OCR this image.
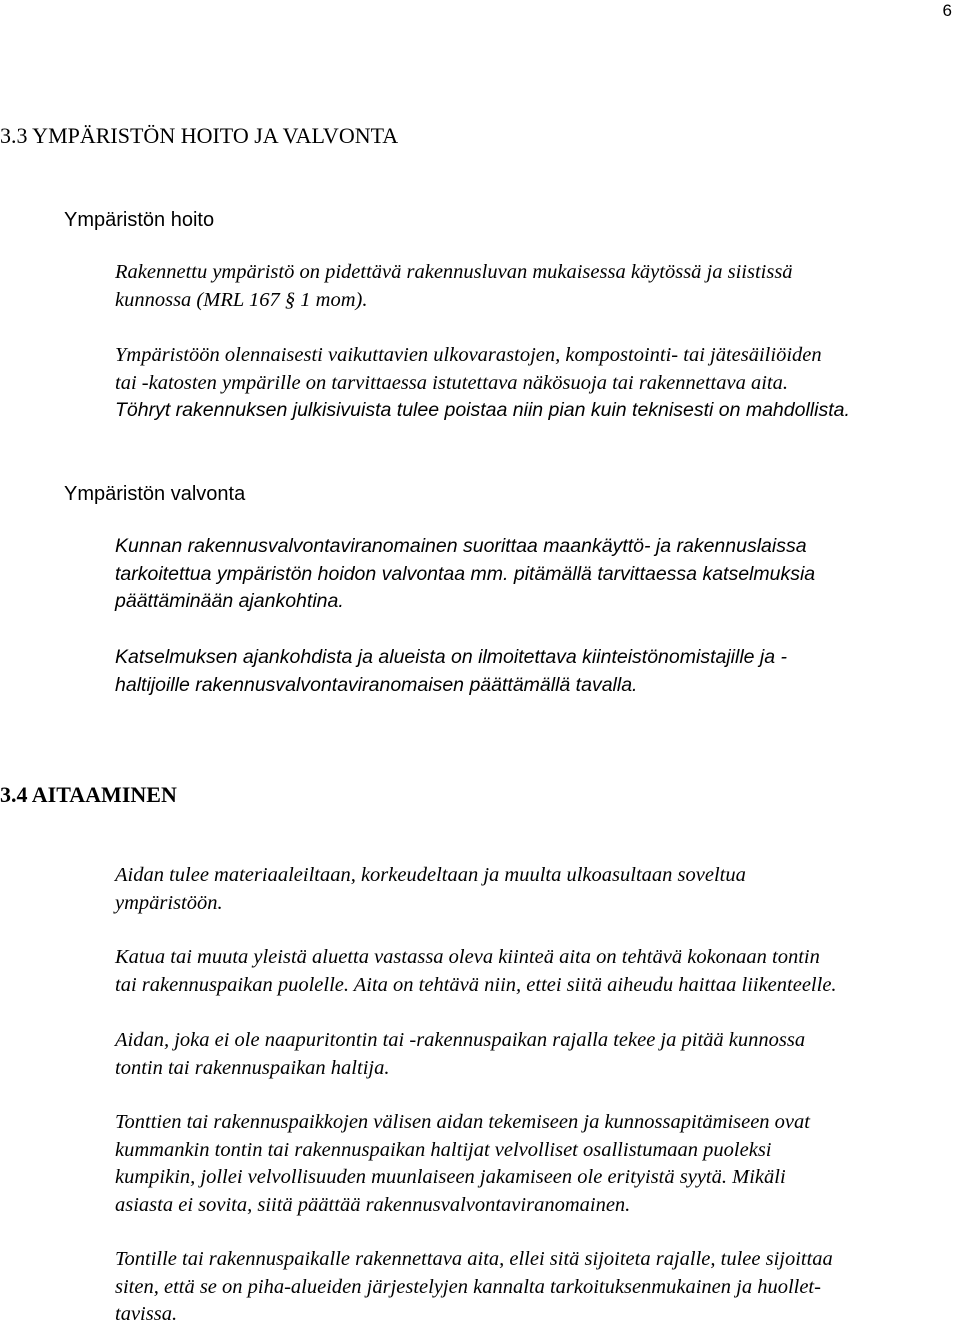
6
3.3 YMPÄRISTÖN HOITO JA VALVONTA
Ympäristön hoito

Rakennettu ympäristö on pidettävä rakennusluvan mukaisessa käytössä ja siistissä
kunnossa (MRL 167 § 1 mom).

Ympäristöön olennaisesti vaikuttavien ulkovarastojen, kompostointi- tai jätesäiliöiden
tai -katosten ympärille on tarvittaessa istutettava näkösuoja tai rakennettava aita.
Töhryt rakennuksen julkisivuista tulee poistaa niin pian kuin teknisesti on mahdollista.

Ympäristön valvonta

Kunnan rakennusvalvontaviranomainen suorittaa maankäyttö- ja rakennuslaissa
tarkoitettua ympäristön hoidon valvontaa mm. pitämällä tarvittaessa katselmuksia
päättäminään ajankohtina.

Katselmuksen ajankohdista ja alueista on ilmoitettava kiinteistönomistajille ja -
haltijoille rakennusvalvontaviranomaisen päättämällä tavalla.

3.4 AITAAMINEN

Aidan tulee materiaaleiltaan, korkeudeltaan ja muulta ulkoasultaan soveltua
ympäristöön.

Katua tai muuta yleistä aluetta vastassa oleva kiinteä aita on tehtävä kokonaan tontin
tai rakennuspaikan puolelle. Aita on tehtävä niin, ettei siitä aiheudu haittaa liikenteelle.

Aidan, joka ei ole naapuritontin tai -rakennuspaikan rajalla tekee ja pitää kunnossa
tontin tai rakennuspaikan haltija.

Tonttien tai rakennuspaikkojen välisen aidan tekemiseen ja kunnossapitämiseen ovat
kummankin tontin tai rakennuspaikan haltijat velvolliset osallistumaan puoleksi
kumpikin, jollei velvollisuuden muunlaiseen jakamiseen ole erityistä syytä. Mikäli
asiasta ei sovita, siitä päättää rakennusvalvontaviranomainen.

Tontille tai rakennuspaikalle rakennettava aita, ellei sitä sijoiteta rajalle, tulee sijoittaa
siten, että se on piha-alueiden järjestelyjen kannalta tarkoituksenmukainen ja huollet-
tavissa.
